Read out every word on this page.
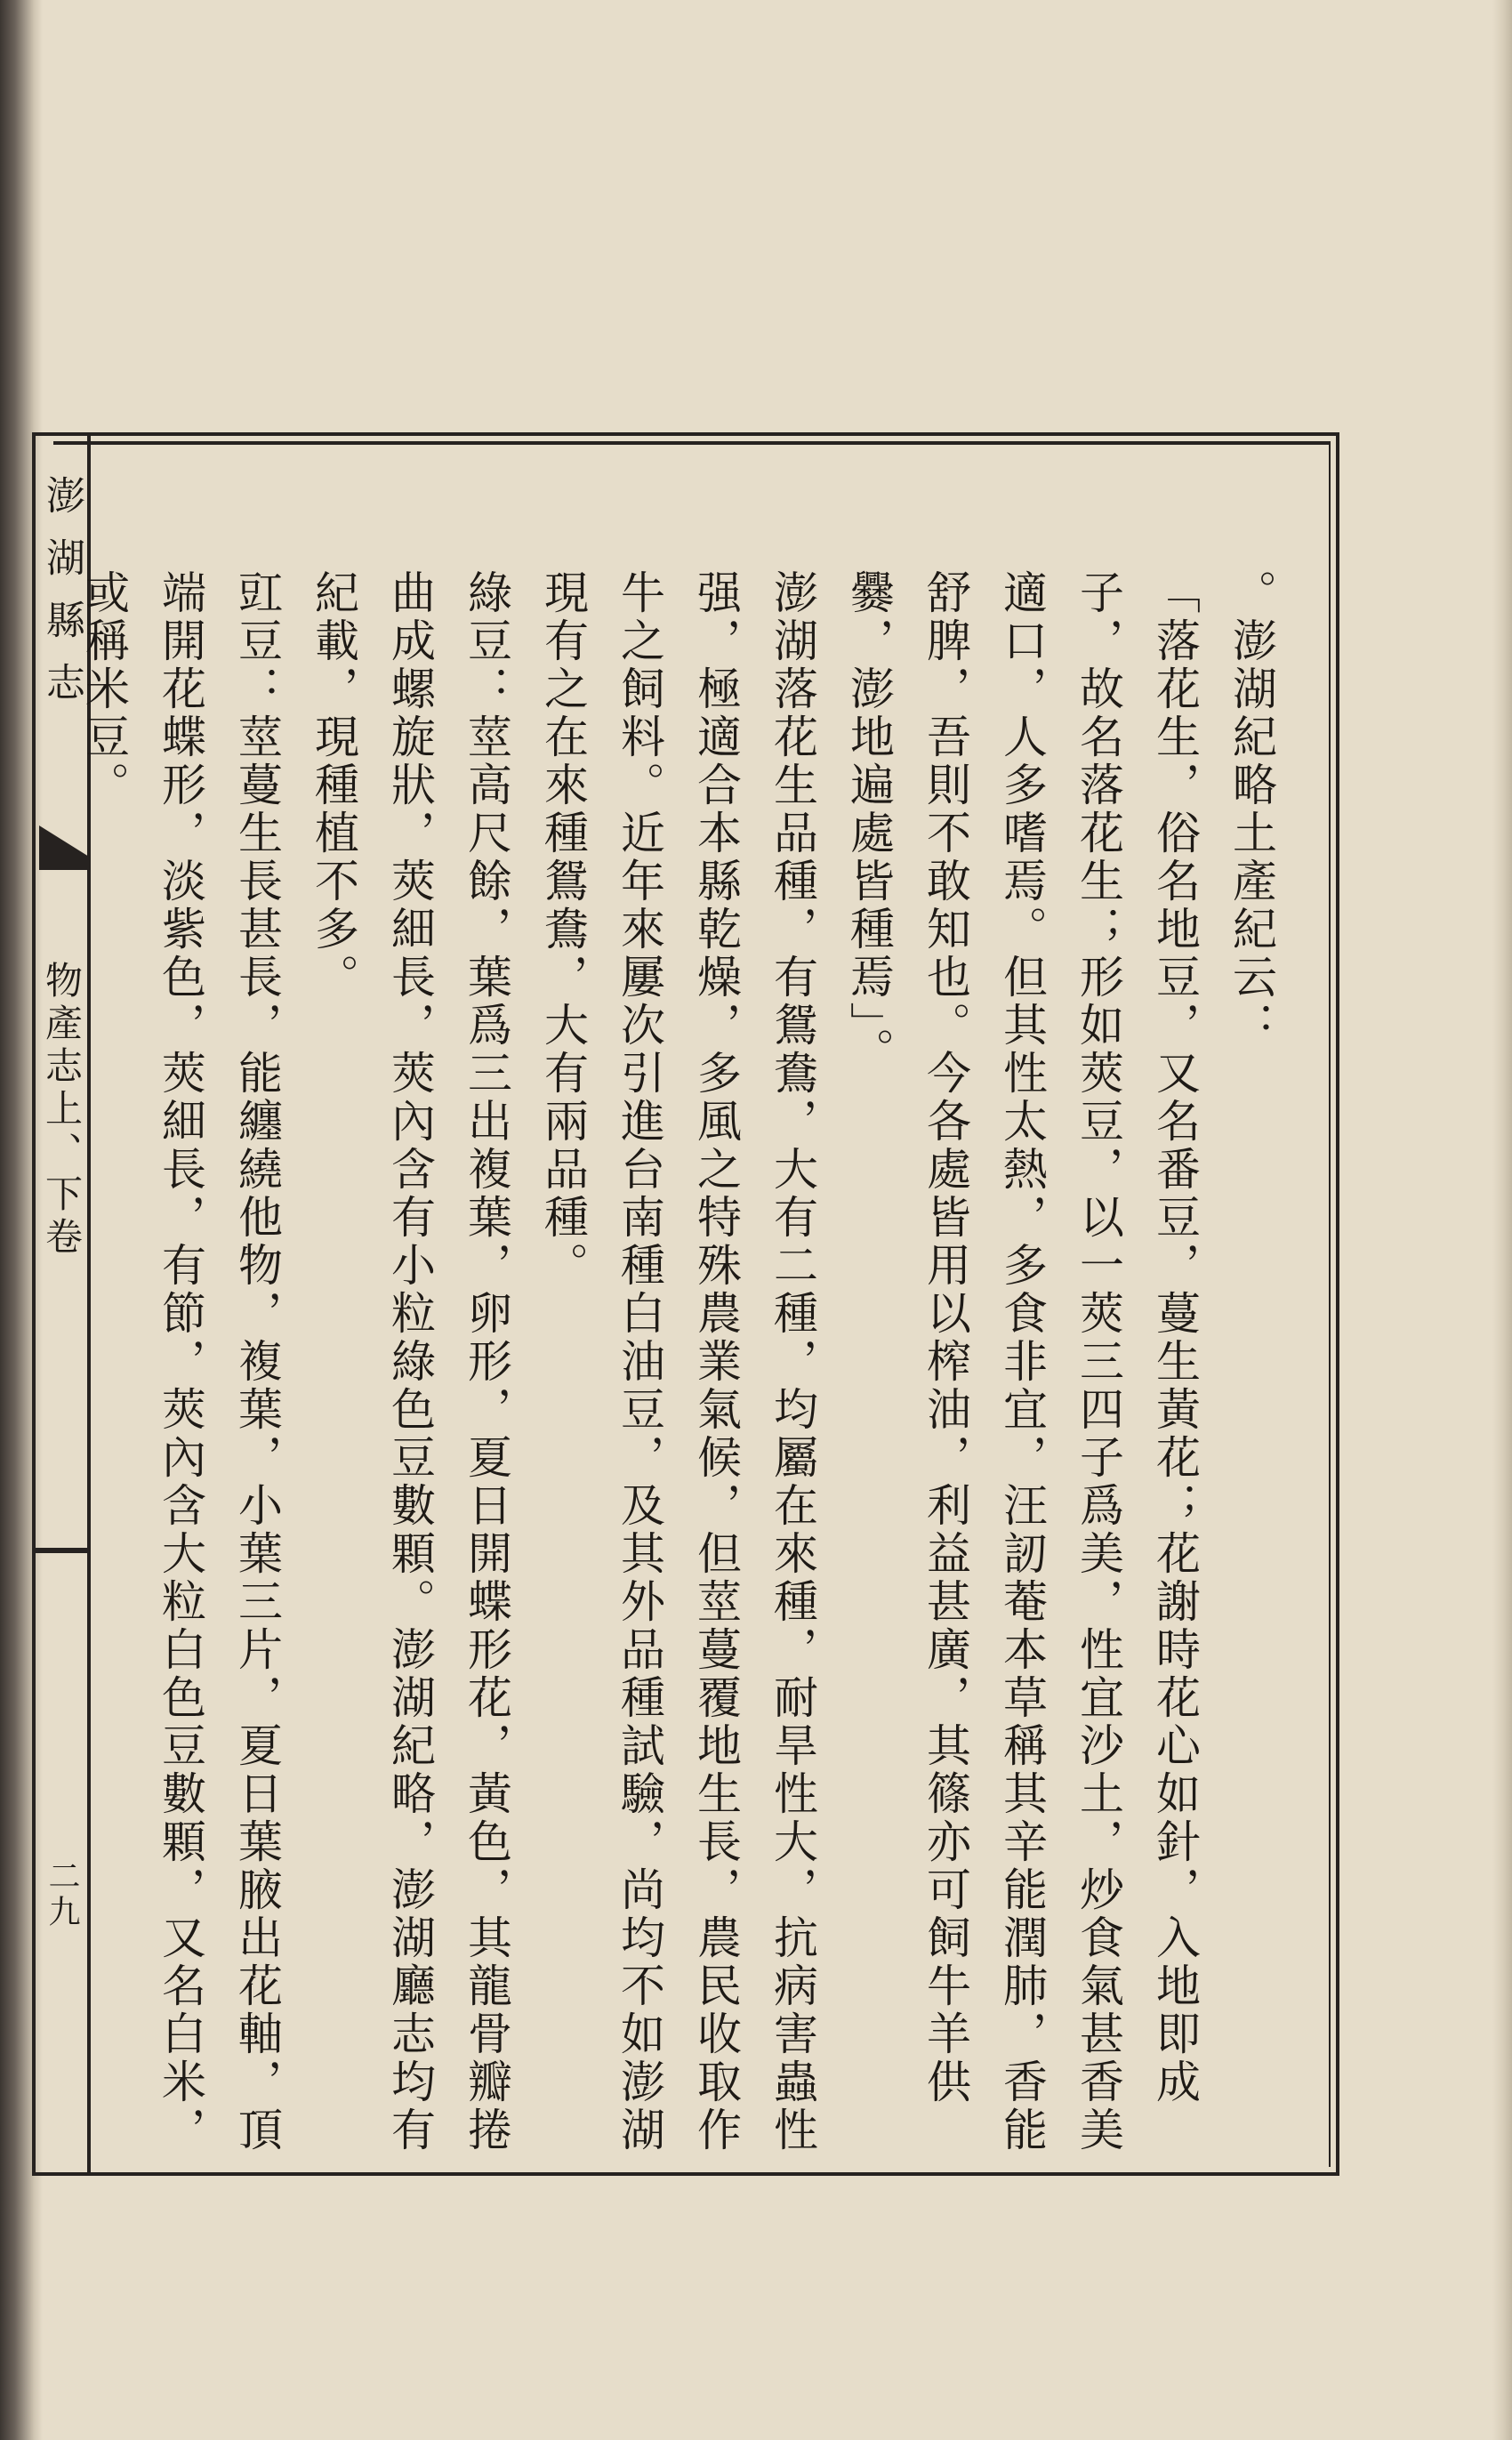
澎湖縣志
物產志上、下卷
二九

。澎湖紀略土產紀云：

「落花生，俗名地豆，又名番豆，蔓生黃花；花謝時花心如針，入地即成子，故名落花生；形如莢豆，以一莢三四子爲美，性宜沙土，炒食氣甚香美適口，人多嗜焉。但其性太熱，多食非宜，汪訒菴本草稱其辛能潤肺，香能舒脾，吾則不敢知也。今各處皆用以榨油，利益甚廣，其篠亦可飼牛羊供爨，澎地遍處皆種焉」。

澎湖落花生品種，有鴛鴦，大有二種，均屬在來種，耐旱性大，抗病害蟲性强，極適合本縣乾燥，多風之特殊農業氣候，但莖蔓覆地生長，農民收取作牛之飼料。近年來屢次引進台南種白油豆，及其外品種試驗，尚均不如澎湖現有之在來種鴛鴦，大有兩品種。

綠豆：莖高尺餘，葉爲三出複葉，卵形，夏日開蝶形花，黃色，其龍骨瓣捲曲成螺旋狀，莢細長，莢內含有小粒綠色豆數顆。澎湖紀略，澎湖廳志均有紀載，現種植不多。

豇豆：莖蔓生長甚長，能纏繞他物，複葉，小葉三片，夏日葉腋出花軸，頂端開花蝶形，淡紫色，莢細長，有節，莢內含大粒白色豆數顆，又名白米，或稱米豆。
